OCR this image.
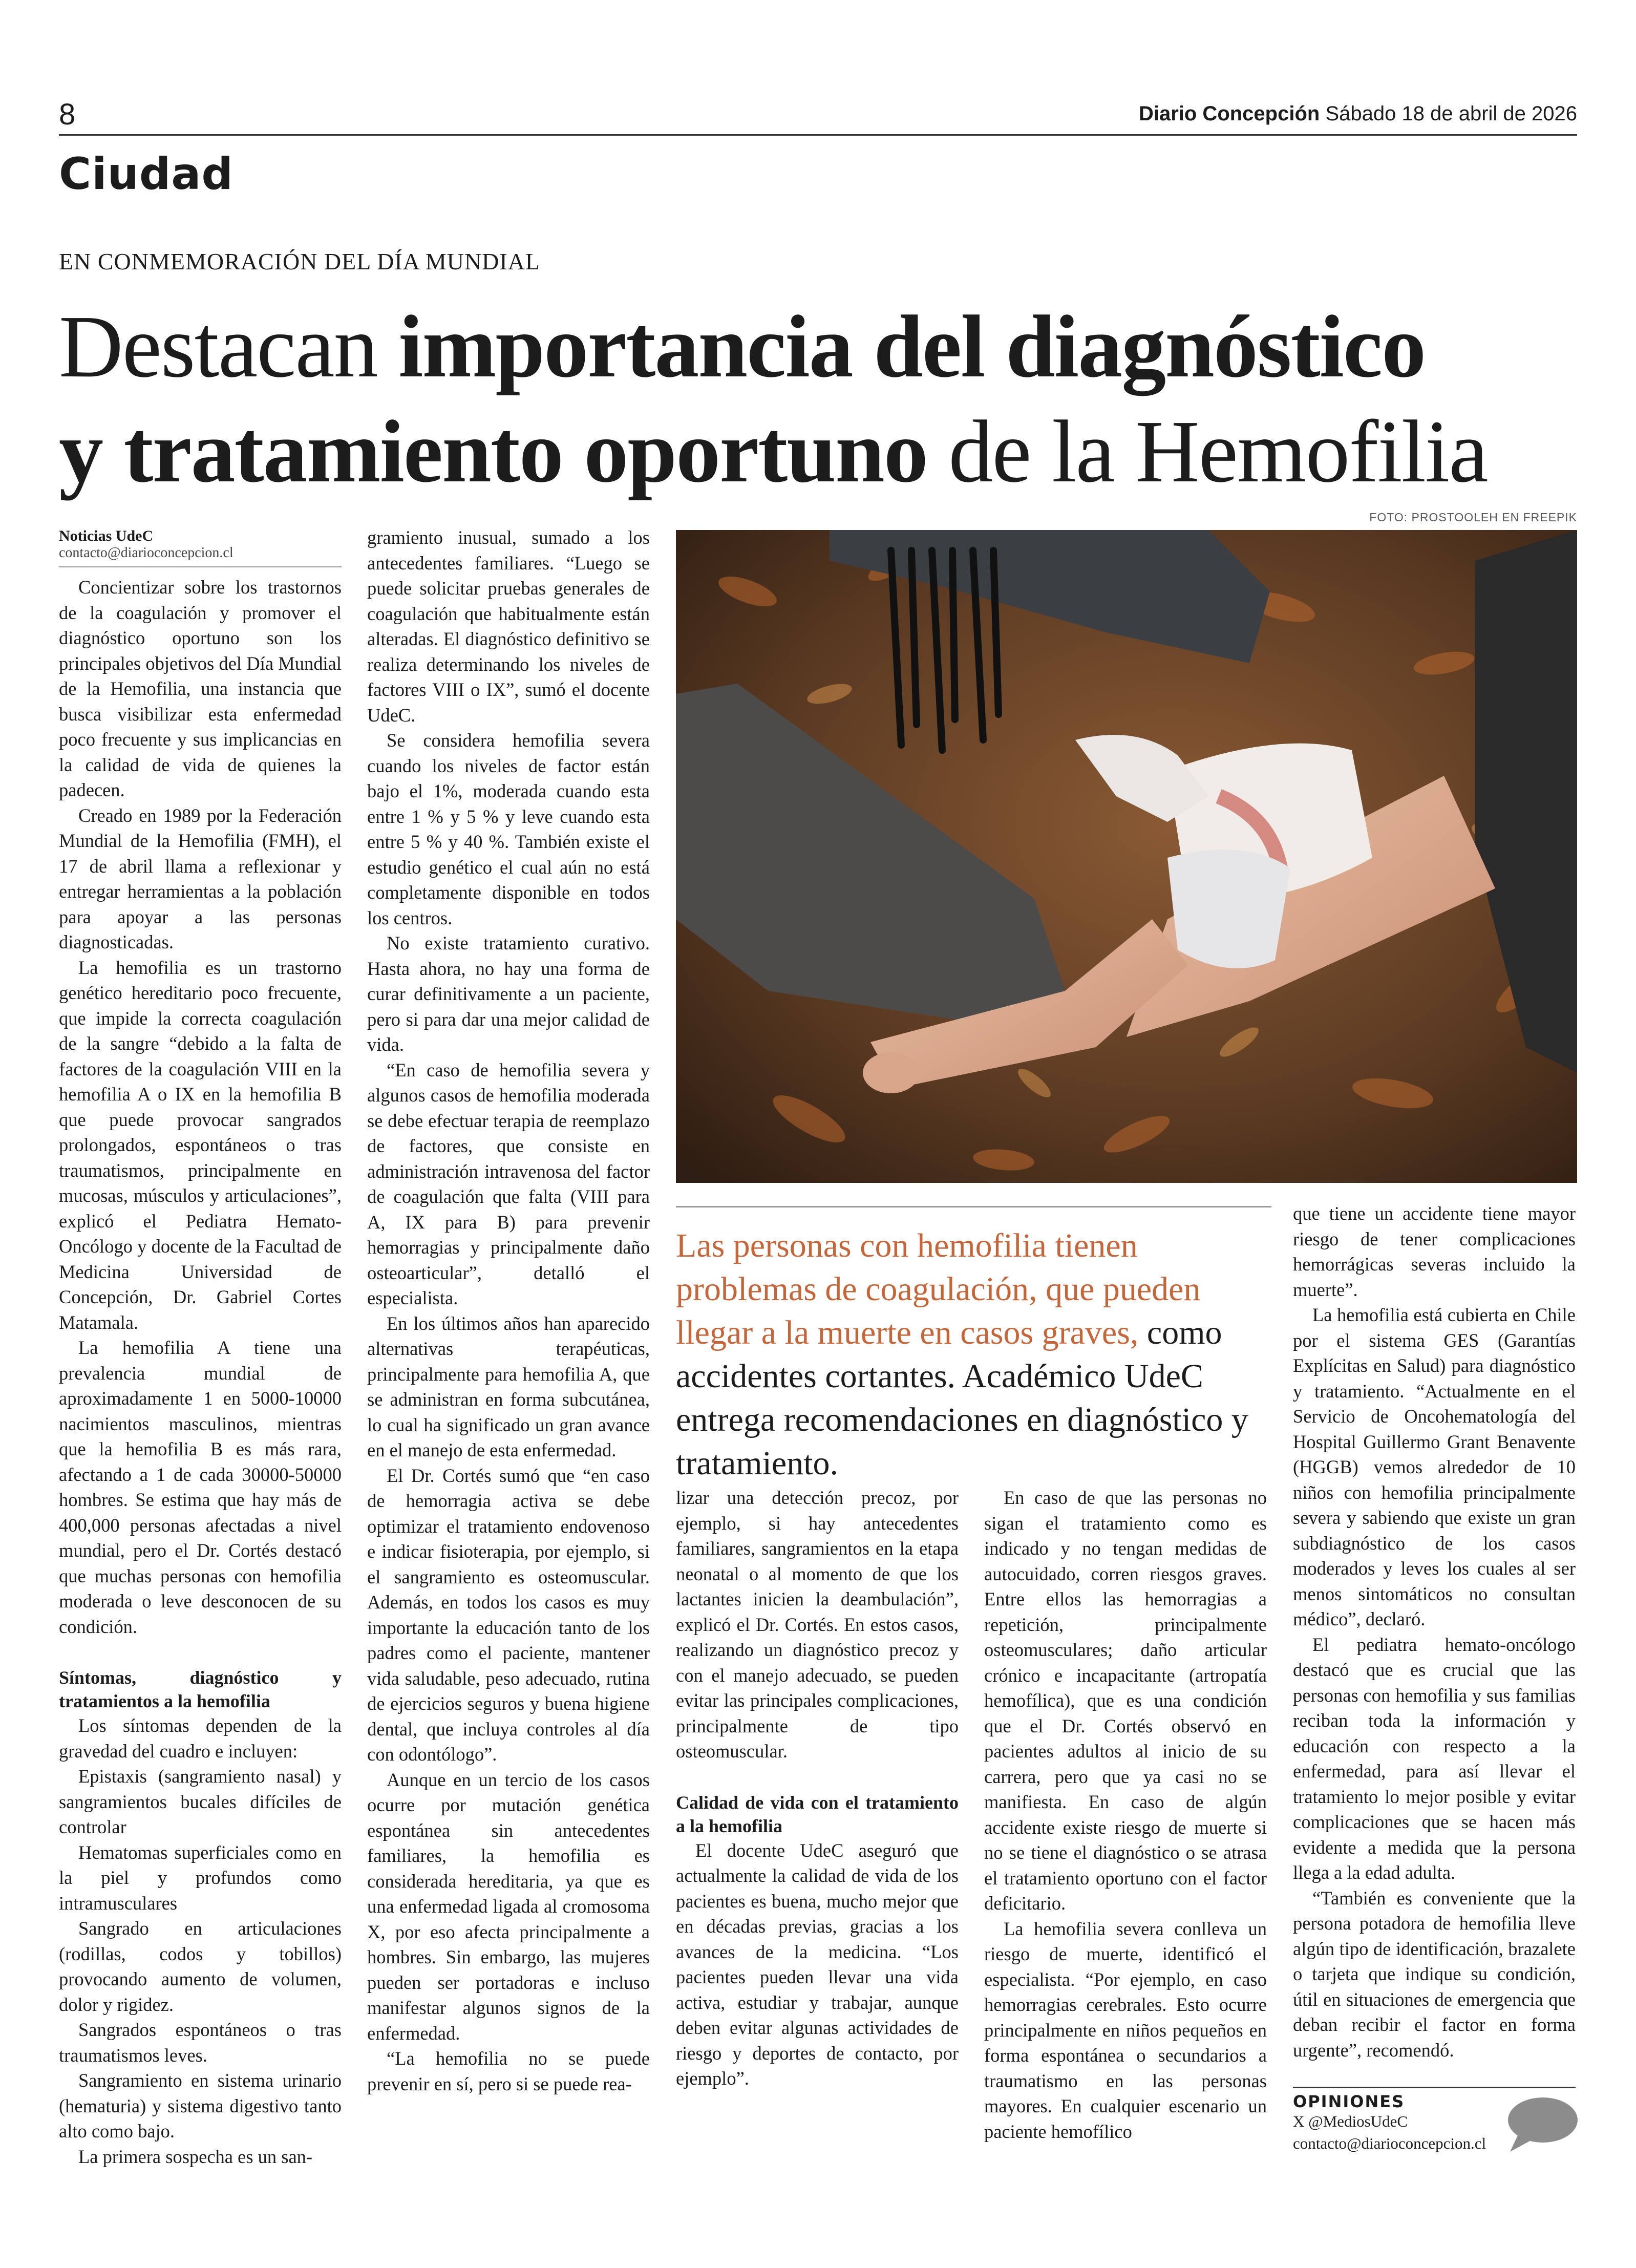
8	Diario Concepción Sábado 18 de abril de 2026
Ciudad
EN CONMEMORACIÓN DEL DÍA MUNDIAL
Destacan importancia del diagnóstico
y tratamiento oportuno de la Hemofilia
FOTO: PROSTOOLEH EN FREEPIK
Noticias UdeC
contacto@diarioconcepcion.cl

Concientizar sobre los trastornos de la coagulación y promover el diagnóstico oportuno son los principales objetivos del Día Mundial de la Hemofilia, una instancia que busca visibilizar esta enfermedad poco frecuente y sus implicancias en la calidad de vida de quienes la padecen.

Creado en 1989 por la Federación Mundial de la Hemofilia (FMH), el 17 de abril llama a reflexionar y entregar herramientas a la población para apoyar a las personas diagnosticadas.

La hemofilia es un trastorno genético hereditario poco frecuente, que impide la correcta coagulación de la sangre “debido a la falta de factores de la coagulación VIII en la hemofilia A o IX en la hemofilia B que puede provocar sangrados prolongados, espontáneos o tras traumatismos, principalmente en mucosas, músculos y articulaciones”, explicó el Pediatra Hemato- Oncólogo y docente de la Facultad de Medicina Universidad de Concepción, Dr. Gabriel Cortes Matamala.

La hemofilia A tiene una prevalencia mundial de aproximadamente 1 en 5000-10000 nacimientos masculinos, mientras que la hemofilia B es más rara, afectando a 1 de cada 30000-50000 hombres. Se estima que hay más de 400,000 personas afectadas a nivel mundial, pero el Dr. Cortés destacó que muchas personas con hemofilia moderada o leve desconocen de su condición.

Síntomas, diagnóstico y tratamientos a la hemofilia

Los síntomas dependen de la gravedad del cuadro e incluyen:

Epistaxis (sangramiento nasal) y sangramientos bucales difíciles de controlar

Hematomas superficiales como en la piel y profundos como intramusculares

Sangrado en articulaciones (rodillas, codos y tobillos) provocando aumento de volumen, dolor y rigidez.

Sangrados espontáneos o tras traumatismos leves.

Sangramiento en sistema urinario (hematuria) y sistema digestivo tanto alto como bajo.

La primera sospecha es un san-

gramiento inusual, sumado a los antecedentes familiares. “Luego se puede solicitar pruebas generales de coagulación que habitualmente están alteradas. El diagnóstico definitivo se realiza determinando los niveles de factores VIII o IX”, sumó el docente UdeC.

Se considera hemofilia severa cuando los niveles de factor están bajo el 1%, moderada cuando esta entre 1 % y 5 % y leve cuando esta entre 5 % y 40 %. También existe el estudio genético el cual aún no está completamente disponible en todos los centros.

No existe tratamiento curativo. Hasta ahora, no hay una forma de curar definitivamente a un paciente, pero si para dar una mejor calidad de vida.

“En caso de hemofilia severa y algunos casos de hemofilia moderada se debe efectuar terapia de reemplazo de factores, que consiste en administración intravenosa del factor de coagulación que falta (VIII para A, IX para B) para prevenir hemorragias y principalmente daño osteoarticular”, detalló el especialista.

En los últimos años han aparecido alternativas terapéuticas, principalmente para hemofilia A, que se administran en forma subcutánea, lo cual ha significado un gran avance en el manejo de esta enfermedad.

El Dr. Cortés sumó que “en caso de hemorragia activa se debe optimizar el tratamiento endovenoso e indicar fisioterapia, por ejemplo, si el sangramiento es osteomuscular. Además, en todos los casos es muy importante la educación tanto de los padres como el paciente, mantener vida saludable, peso adecuado, rutina de ejercicios seguros y buena higiene dental, que incluya controles al día con odontólogo”.

Aunque en un tercio de los casos ocurre por mutación genética espontánea sin antecedentes familiares, la hemofilia es considerada hereditaria, ya que es una enfermedad ligada al cromosoma X, por eso afecta principalmente a hombres. Sin embargo, las mujeres pueden ser portadoras e incluso manifestar algunos signos de la enfermedad.

“La hemofilia no se puede prevenir en sí, pero si se puede rea-

Las personas con hemofilia tienen problemas de coagulación, que pueden llegar a la muerte en casos graves, como accidentes cortantes. Académico UdeC entrega recomendaciones en diagnóstico y tratamiento.

lizar una detección precoz, por ejemplo, si hay antecedentes familiares, sangramientos en la etapa neonatal o al momento de que los lactantes inicien la deambulación”, explicó el Dr. Cortés. En estos casos, realizando un diagnóstico precoz y con el manejo adecuado, se pueden evitar las principales complicaciones, principalmente de tipo osteomuscular.

Calidad de vida con el tratamiento a la hemofilia

El docente UdeC aseguró que actualmente la calidad de vida de los pacientes es buena, mucho mejor que en décadas previas, gracias a los avances de la medicina. “Los pacientes pueden llevar una vida activa, estudiar y trabajar, aunque deben evitar algunas actividades de riesgo y deportes de contacto, por ejemplo”.

En caso de que las personas no sigan el tratamiento como es indicado y no tengan medidas de autocuidado, corren riesgos graves. Entre ellos las hemorragias a repetición, principalmente osteomusculares; daño articular crónico e incapacitante (artropatía hemofílica), que es una condición que el Dr. Cortés observó en pacientes adultos al inicio de su carrera, pero que ya casi no se manifiesta. En caso de algún accidente existe riesgo de muerte si no se tiene el diagnóstico o se atrasa el tratamiento oportuno con el factor deficitario.

La hemofilia severa conlleva un riesgo de muerte, identificó el especialista. “Por ejemplo, en caso hemorragias cerebrales. Esto ocurre principalmente en niños pequeños en forma espontánea o secundarios a traumatismo en las personas mayores. En cualquier escenario un paciente hemofílico

que tiene un accidente tiene mayor riesgo de tener complicaciones hemorrágicas severas incluido la muerte”.

La hemofilia está cubierta en Chile por el sistema GES (Garantías Explícitas en Salud) para diagnóstico y tratamiento. “Actualmente en el Servicio de Oncohematología del Hospital Guillermo Grant Benavente (HGGB) vemos alrededor de 10 niños con hemofilia principalmente severa y sabiendo que existe un gran subdiagnóstico de los casos moderados y leves los cuales al ser menos sintomáticos no consultan médico”, declaró.

El pediatra hemato-oncólogo destacó que es crucial que las personas con hemofilia y sus familias reciban toda la información y educación con respecto a la enfermedad, para así llevar el tratamiento lo mejor posible y evitar complicaciones que se hacen más evidente a medida que la persona llega a la edad adulta.

“También es conveniente que la persona potadora de hemofilia lleve algún tipo de identificación, brazalete o tarjeta que indique su condición, útil en situaciones de emergencia que deban recibir el factor en forma urgente”, recomendó.

OPINIONES
X @MediosUdeC
contacto@diarioconcepcion.cl
